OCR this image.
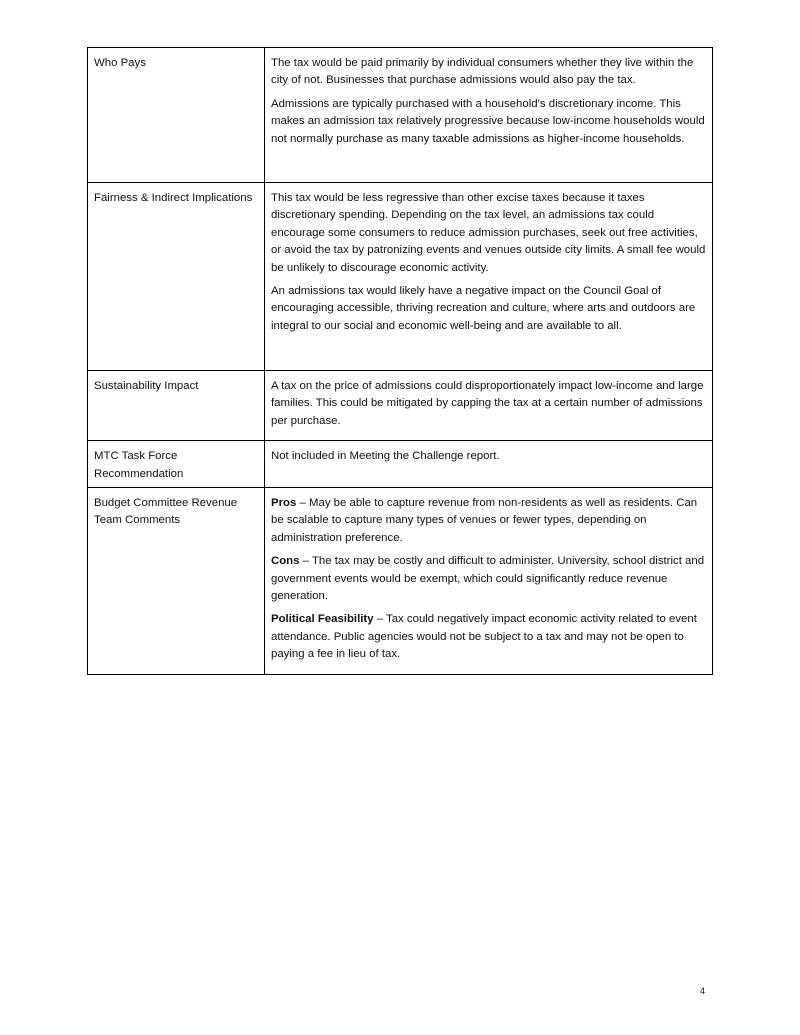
Who Pays	The tax would be paid primarily by individual consumers whether they live within the city of not. Businesses that purchase admissions would also pay the tax.

Admissions are typically purchased with a household’s discretionary income. This makes an admission tax relatively progressive because low-income households would not normally purchase as many taxable admissions as higher-income households.

Fairness & Indirect Implications	This tax would be less regressive than other excise taxes because it taxes discretionary spending. Depending on the tax level, an admissions tax could encourage some consumers to reduce admission purchases, seek out free activities, or avoid the tax by patronizing events and venues outside city limits. A small fee would be unlikely to discourage economic activity.

An admissions tax would likely have a negative impact on the Council Goal of encouraging accessible, thriving recreation and culture, where arts and outdoors are integral to our social and economic well-being and are available to all.

Sustainability Impact	A tax on the price of admissions could disproportionately impact low-income and large families. This could be mitigated by capping the tax at a certain number of admissions per purchase.

MTC Task Force Recommendation	Not included in Meeting the Challenge report.

Budget Committee Revenue Team Comments	Pros – May be able to capture revenue from non-residents as well as residents. Can be scalable to capture many types of venues or fewer types, depending on administration preference.

Cons – The tax may be costly and difficult to administer. University, school district and government events would be exempt, which could significantly reduce revenue generation.

Political Feasibility – Tax could negatively impact economic activity related to event attendance. Public agencies would not be subject to a tax and may not be open to paying a fee in lieu of tax.

4
